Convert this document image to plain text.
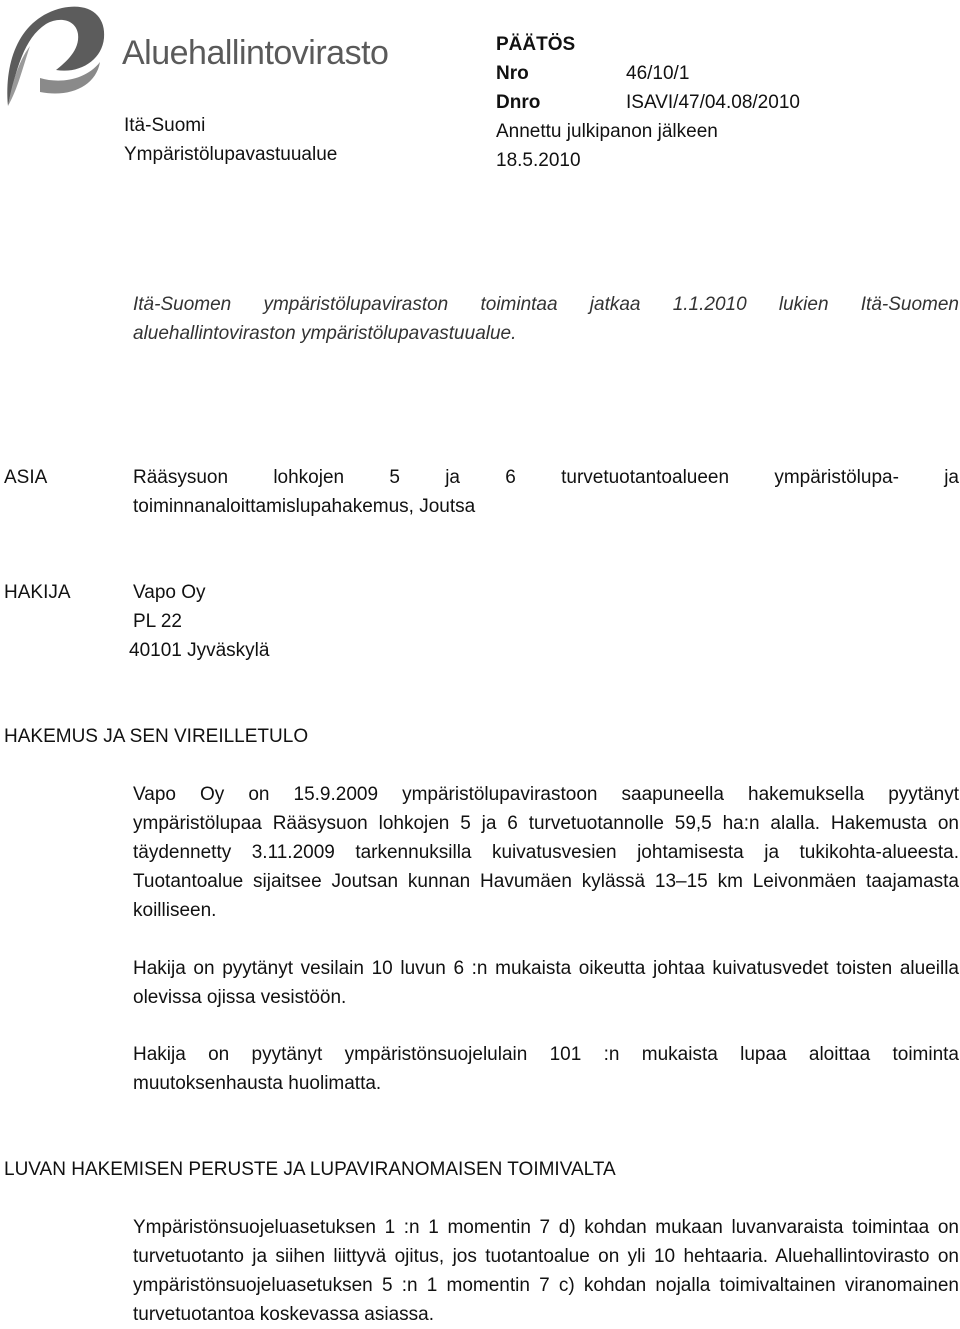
Aluehallintovirasto
Itä-Suomi
Ympäristölupavastuualue
PÄÄTÖS
Nro	46/10/1
Dnro	ISAVI/47/04.08/2010
Annettu julkipanon jälkeen
18.5.2010
Itä-Suomen ympäristölupaviraston toimintaa jatkaa 1.1.2010 lukien Itä-Suomen aluehallintoviraston ympäristölupavastuualue.
ASIA	Rääsysuon lohkojen 5 ja 6 turvetuotantoalueen ympäristölupa- ja toiminnanaloittamislupahakemus, Joutsa
HAKIJA	Vapo Oy
PL 22
40101 Jyväskylä
HAKEMUS JA SEN VIREILLETULO
Vapo Oy on 15.9.2009 ympäristölupavirastoon saapuneella hakemuksella pyytänyt ympäristölupaa Rääsysuon lohkojen 5 ja 6 turvetuotannolle 59,5 ha:n alalla. Hakemusta on täydennetty 3.11.2009 tarkennuksilla kuivatusvesien johtamisesta ja tukikohta-alueesta. Tuotantoalue sijaitsee Joutsan kunnan Havumäen kylässä 13–15 km Leivonmäen taajamasta koilliseen.
Hakija on pyytänyt vesilain 10 luvun 6 :n mukaista oikeutta johtaa kuivatusvedet toisten alueilla olevissa ojissa vesistöön.
Hakija on pyytänyt ympäristönsuojelulain 101 :n mukaista lupaa aloittaa toiminta muutoksenhausta huolimatta.
LUVAN HAKEMISEN PERUSTE JA LUPAVIRANOMAISEN TOIMIVALTA
Ympäristönsuojeluasetuksen 1 :n 1 momentin 7 d) kohdan mukaan luvanvaraista toimintaa on turvetuotanto ja siihen liittyvä ojitus, jos tuotantoalue on yli 10 hehtaaria. Aluehallintovirasto on ympäristönsuojeluasetuksen 5 :n 1 momentin 7 c) kohdan nojalla toimivaltainen viranomainen turvetuotantoa koskevassa asiassa.
